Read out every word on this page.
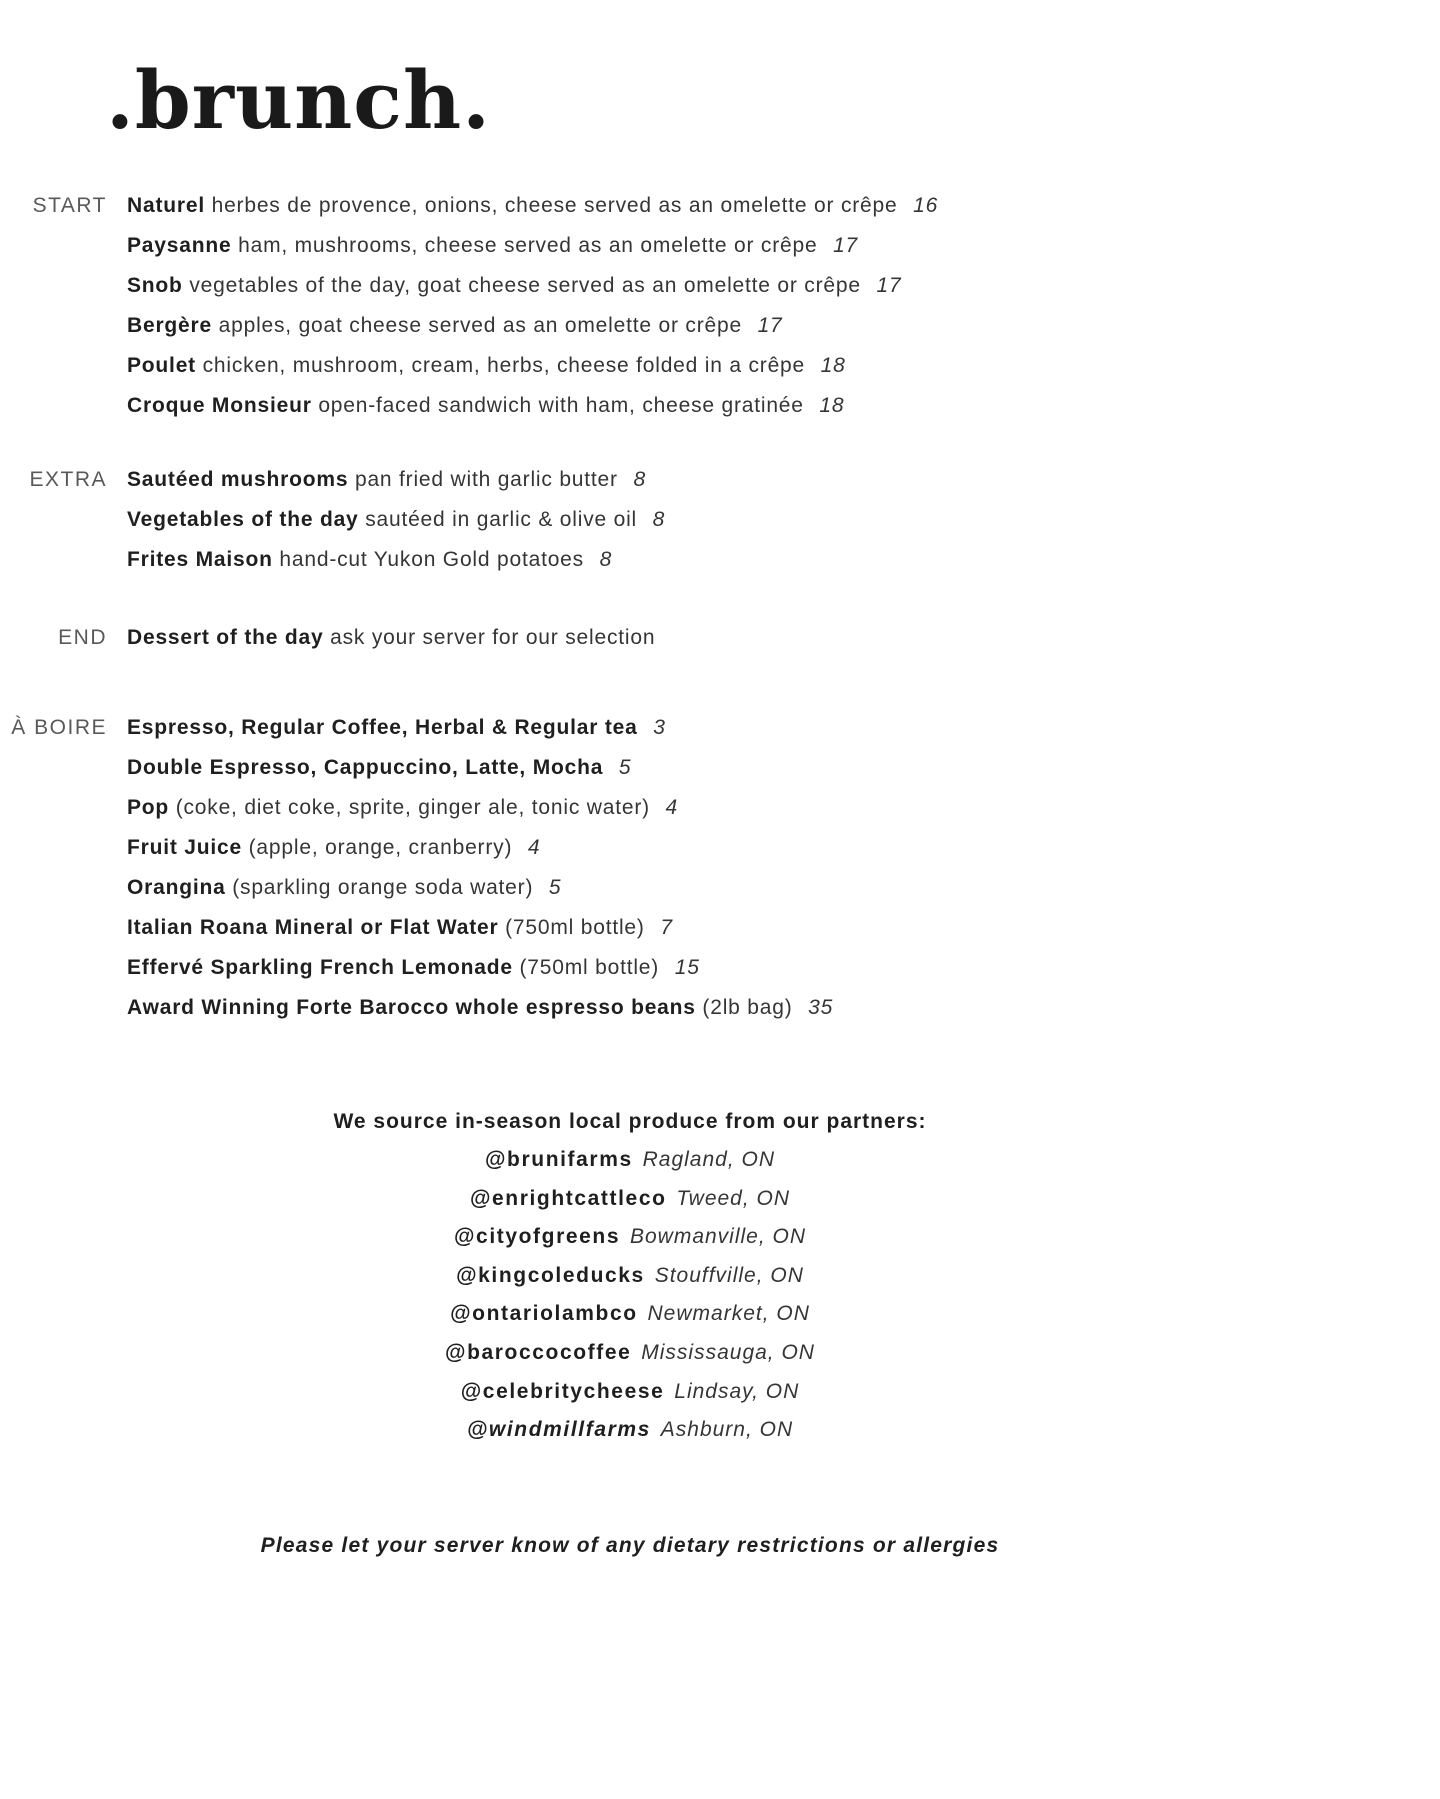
.brunch.
START Naturel herbes de provence, onions, cheese served as an omelette or crêpe 16
Paysanne ham, mushrooms, cheese served as an omelette or crêpe 17
Snob vegetables of the day, goat cheese served as an omelette or crêpe 17
Bergère apples, goat cheese served as an omelette or crêpe 17
Poulet chicken, mushroom, cream, herbs, cheese folded in a crêpe 18
Croque Monsieur open-faced sandwich with ham, cheese gratinée 18
EXTRA Sautéed mushrooms pan fried with garlic butter 8
Vegetables of the day sautéed in garlic & olive oil 8
Frites Maison hand-cut Yukon Gold potatoes 8
END Dessert of the day ask your server for our selection
À BOIRE Espresso, Regular Coffee, Herbal & Regular tea 3
Double Espresso, Cappuccino, Latte, Mocha 5
Pop (coke, diet coke, sprite, ginger ale, tonic water) 4
Fruit Juice (apple, orange, cranberry) 4
Orangina (sparkling orange soda water) 5
Italian Roana Mineral or Flat Water (750ml bottle) 7
Effervé Sparkling French Lemonade (750ml bottle) 15
Award Winning Forte Barocco whole espresso beans (2lb bag) 35
We source in-season local produce from our partners:
@brunifarms Ragland, ON
@enrightcattleco Tweed, ON
@cityofgreens Bowmanville, ON
@kingcoleducks Stouffville, ON
@ontariolambco Newmarket, ON
@baroccocoffee Mississauga, ON
@celebritycheese Lindsay, ON
@windmillfarms Ashburn, ON
Please let your server know of any dietary restrictions or allergies
